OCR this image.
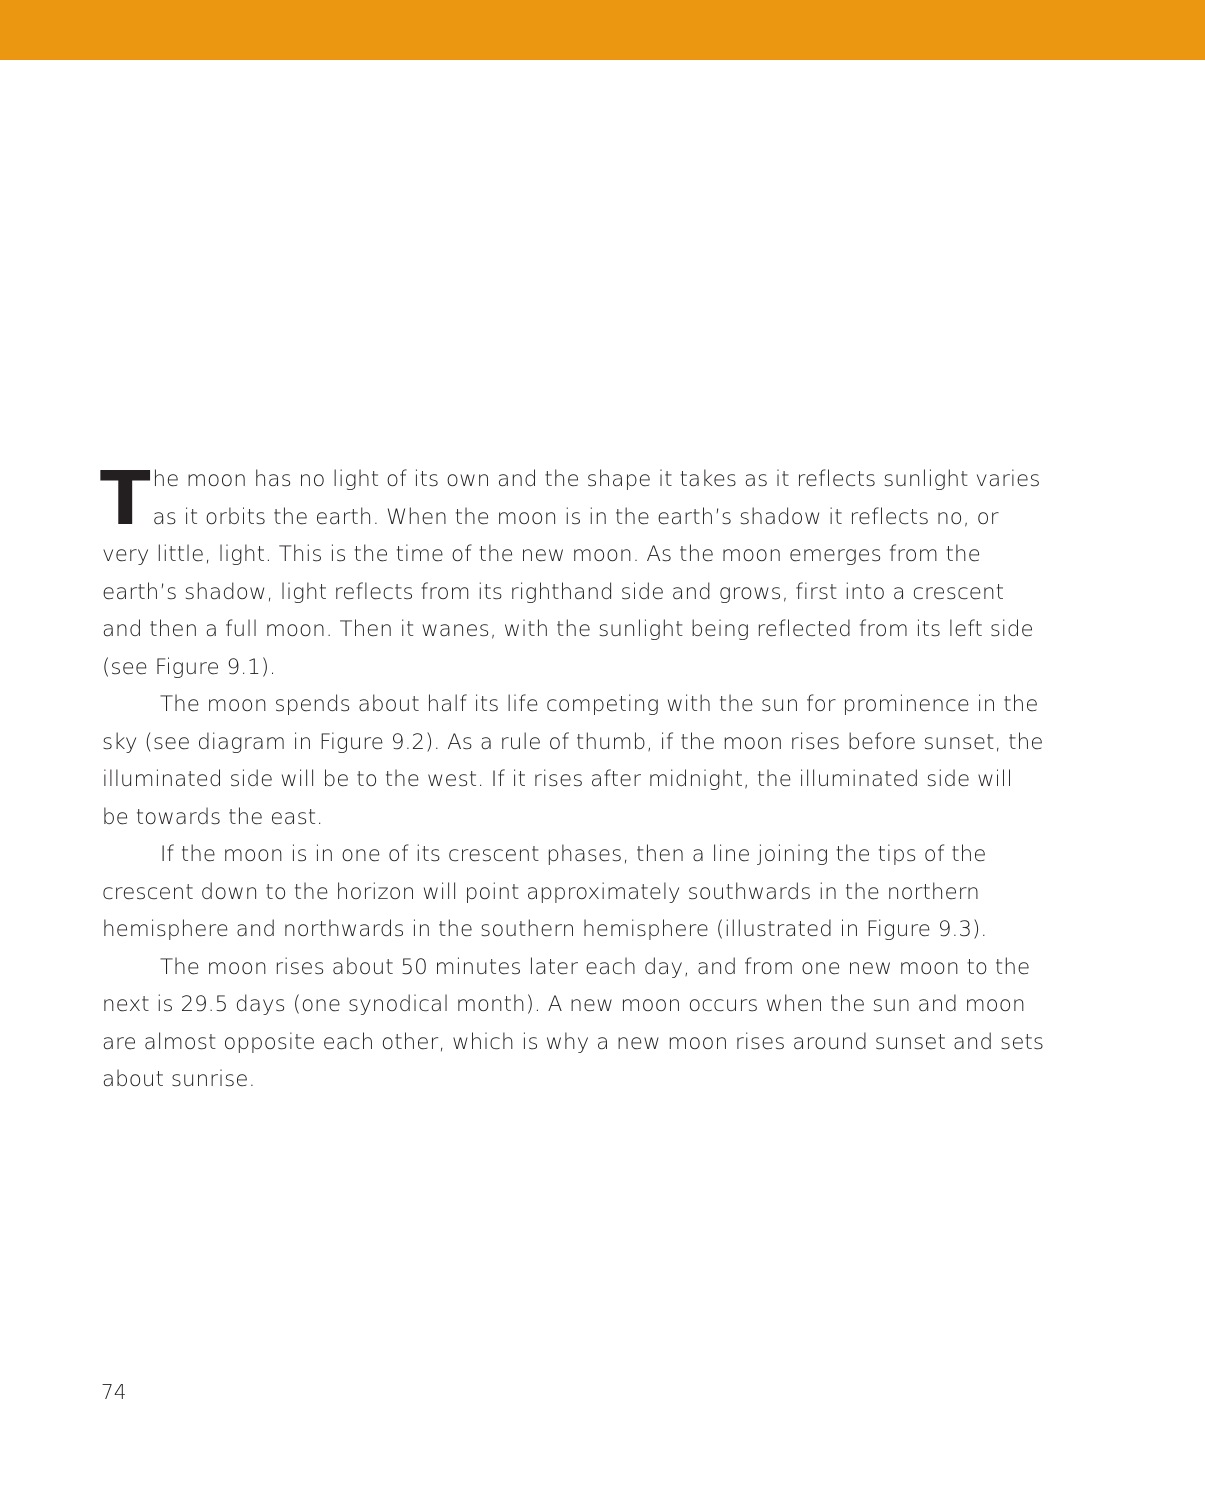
The moon has no light of its own and the shape it takes as it reflects sunlight varies as it orbits the earth. When the moon is in the earth’s shadow it reflects no, or very little, light. This is the time of the new moon. As the moon emerges from the earth’s shadow, light reflects from its righthand side and grows, first into a crescent and then a full moon. Then it wanes, with the sunlight being reflected from its left side (see Figure 9.1).

The moon spends about half its life competing with the sun for prominence in the sky (see diagram in Figure 9.2). As a rule of thumb, if the moon rises before sunset, the illuminated side will be to the west. If it rises after midnight, the illuminated side will be towards the east.

If the moon is in one of its crescent phases, then a line joining the tips of the crescent down to the horizon will point approximately southwards in the northern hemisphere and northwards in the southern hemisphere (illustrated in Figure 9.3).

The moon rises about 50 minutes later each day, and from one new moon to the next is 29.5 days (one synodical month). A new moon occurs when the sun and moon are almost opposite each other, which is why a new moon rises around sunset and sets about sunrise.

74
